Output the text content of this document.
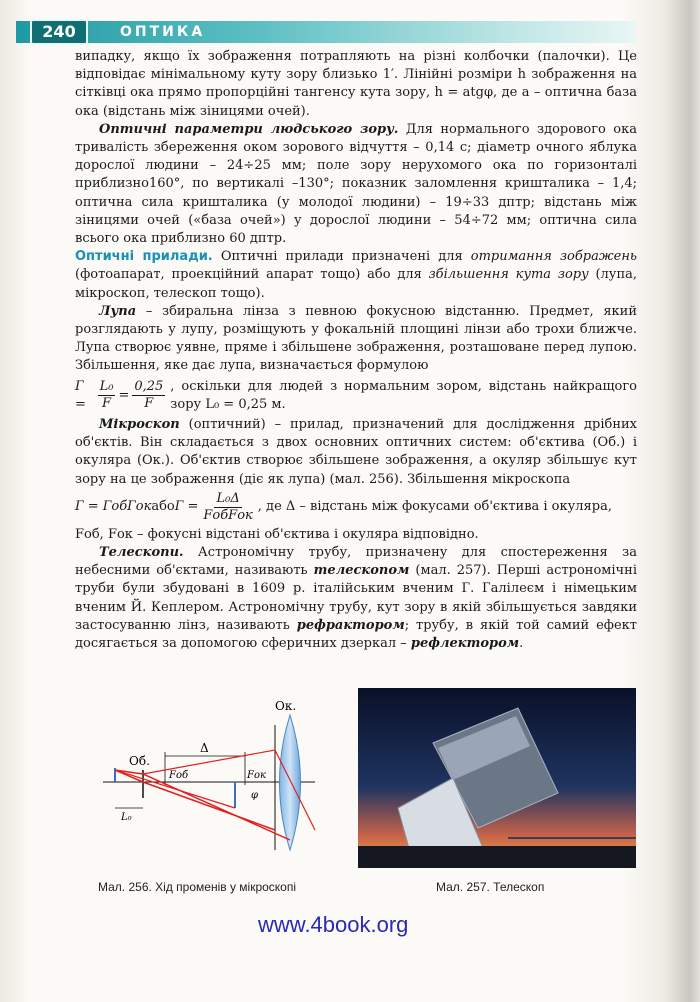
240	ОПТИКА

випадку, якщо їх зображення потрапляють на різні колбочки (палочки). Це відповідає мінімальному куту зору близько 1′. Лінійні розміри h зображення на сітківці ока прямо пропорційні тангенсу кута зору, h = atgφ, де a – оптична база ока (відстань між зіницями очей).

Оптичні параметри людського зору. Для нормального здорового ока тривалість збереження оком зорового відчуття – 0,14 с; діаметр очного яблука дорослої людини – 24÷25 мм; поле зору нерухомого ока по горизонталі приблизно160°, по вертикалі –130°; показник заломлення кришталика – 1,4; оптична сила кришталика (у молодої людини) – 19÷33 дптр; відстань між зіницями очей («база очей») у дорослої людини – 54÷72 мм; оптична сила всього ока приблизно 60 дптр.

Оптичні прилади. Оптичні прилади призначені для отримання зображень (фотоапарат, проекційний апарат тощо) або для збільшення кута зору (лупа, мікроскоп, телескоп тощо).

Лупа – збиральна лінза з певною фокусною відстанню. Предмет, який розглядають у лупу, розміщують у фокальній площині лінзи або трохи ближче. Лупа створює уявне, пряме і збільшене зображення, розташоване перед лупою. Збільшення, яке дає лупа, визначається формулою

$Г = \frac{\text{L₀}}{F} = \frac{0,25}{F}$ , оскільки для людей з нормальним зором, відстань найкращого зору L₀ = 0,25 м.

Мікроскоп (оптичний) – прилад, призначений для дослідження дрібних об'єктів. Він складається з двох основних оптичних систем: об'єктива (Об.) і окуляра (Ок.). Об'єктив створює збільшене зображення, а окуляр збільшує кут зору на це зображення (діє як лупа) (мал. 256). Збільшення мікроскопа

Г = ГобГок або $Г = \frac{\text{L₀Δ}}{\text{FобFок}}$ , де Δ – відстань між фокусами об'єктива і окуляра,

Fоб, Fок – фокусні відстані об'єктива і окуляра відповідно.

Телескопи. Астрономічну трубу, призначену для спостереження за небесними об'єктами, називають телескопом (мал. 257). Перші астрономічні труби були збудовані в 1609 р. італійським вченим Г. Галілеєм і німецьким вченим Й. Кеплером. Астрономічну трубу, кут зору в якій збільшується завдяки застосуванню лінз, називають рефрактором; трубу, в якій той самий ефект досягається за допомогою сферичних дзеркал – рефлектором.

Ок.
Об.
Δ
Fоб	Fок
φ
L₀
Мал. 256. Хід променів у мікроскопі	Мал. 257. Телескоп
www.4book.org
